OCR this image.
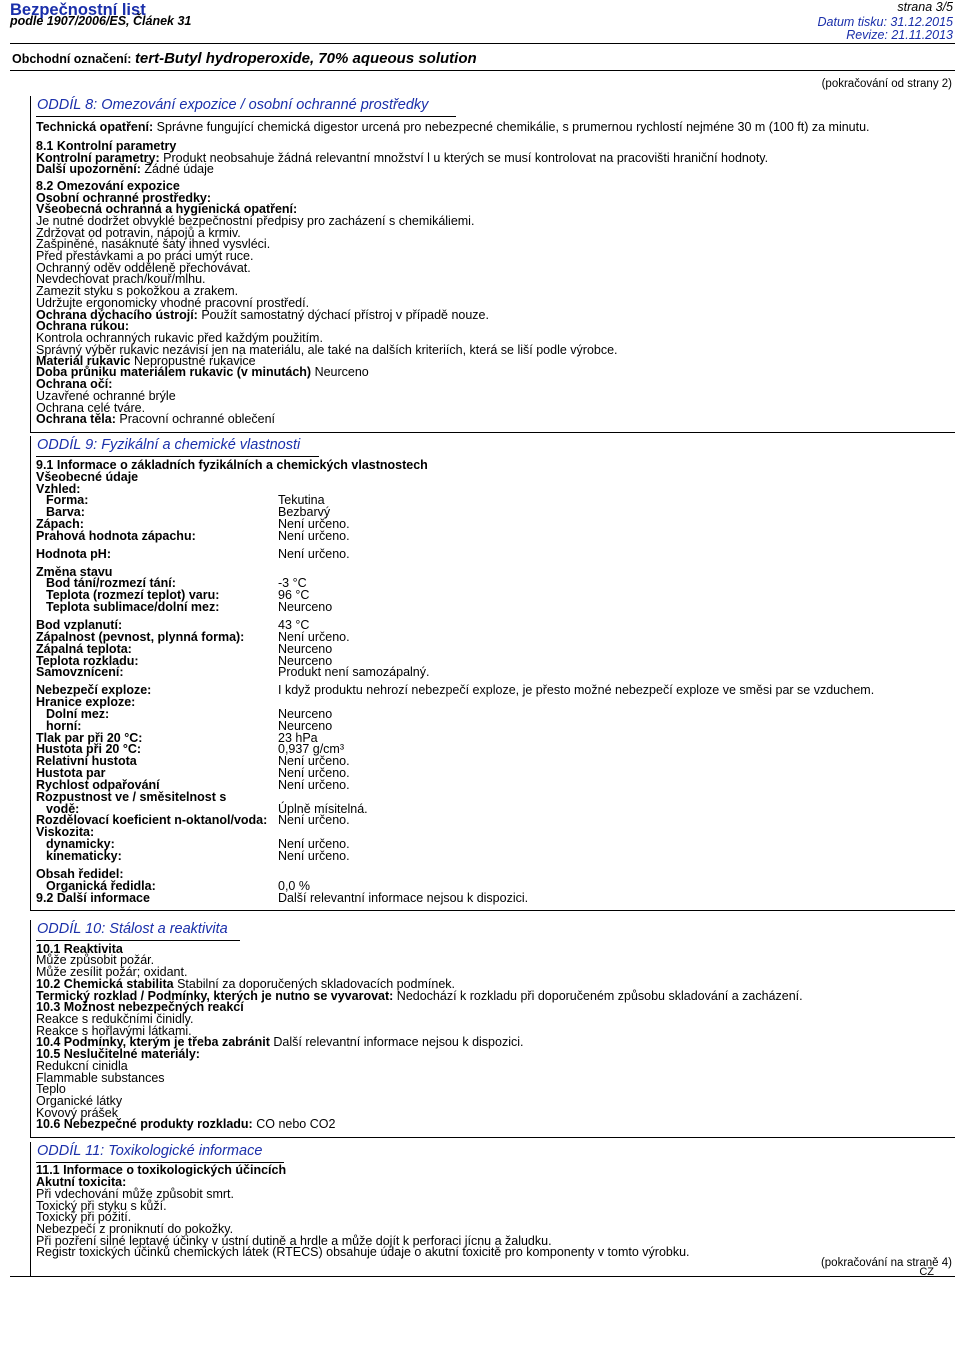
Bezpečnostní list
podle 1907/2006/ES, Článek 31
strana 3/5
Datum tisku: 31.12.2015
Revize: 21.11.2013
Obchodní označení: tert-Butyl hydroperoxide, 70% aqueous solution
(pokračování od strany 2)
ODDÍL 8: Omezování expozice / osobní ochranné prostředky
Technická opatření: Správne fungující chemická digestor urcená pro nebezpecné chemikálie, s prumernou rychlostí nejméne 30 m (100 ft) za minutu.
8.1 Kontrolní parametry
Kontrolní parametry: Produkt neobsahuje žádná relevantní množství l u kterých se musí kontrolovat na pracovišti hraniční hodnoty.
Další upozornění: Žádné údaje
8.2 Omezování expozice
Osobní ochranné prostředky:
Všeobecná ochranná a hygienická opatření:
Je nutné dodržet obvyklé bezpečnostní předpisy pro zacházení s chemikáliemi.
Zdržovat od potravin, nápojů a krmiv.
Zašpiněné, nasáknuté šaty ihned vysvléci.
Před přestávkami a po práci umýt ruce.
Ochranný oděv odděleně přechovávat.
Nevdechovat prach/kouř/mlhu.
Zamezit styku s pokožkou a zrakem.
Udržujte ergonomicky vhodné pracovní prostředí.
Ochrana dýchacího ústrojí: Použít samostatný dýchací přístroj v případě nouze.
Ochrana rukou:
Kontrola ochranných rukavic před každým použitím.
Správný výběr rukavic nezávisí jen na materiálu, ale také na dalších kriteriích, která se liší podle výrobce.
Materiál rukavic Nepropustné rukavice
Doba průniku materiálem rukavic (v minutách) Neurceno
Ochrana očí:
Uzavřené ochranné brýle
Ochrana celé tváre.
Ochrana těla: Pracovní ochranné oblečení
ODDÍL 9: Fyzikální a chemické vlastnosti
9.1 Informace o základních fyzikálních a chemických vlastnostech
Všeobecné údaje
Vzhled:
Forma:	Tekutina
Barva:	Bezbarvý
Zápach:	Není určeno.
Prahová hodnota zápachu:	Není určeno.
Hodnota pH:	Není určeno.
Změna stavu
Bod tání/rozmezí tání:	-3 °C
Teplota (rozmezí teplot) varu:	96 °C
Teplota sublimace/dolní mez:	Neurceno
Bod vzplanutí:	43 °C
Zápalnost (pevnost, plynná forma):	Není určeno.
Zápalná teplota:	Neurceno
Teplota rozkladu:	Neurceno
Samovznícení:	Produkt není samozápalný.
Nebezpečí exploze:	I když produktu nehrozí nebezpečí exploze, je přesto možné nebezpečí exploze ve směsi par se vzduchem.
Hranice exploze:
Dolní mez:	Neurceno
horní:	Neurceno
Tlak par při 20 °C:	23 hPa
Hustota při 20 °C:	0,937 g/cm³
Relativní hustota	Není určeno.
Hustota par	Není určeno.
Rychlost odpařování	Není určeno.
Rozpustnost ve / směsitelnost s
vodě:	Úplně mísitelná.
Rozdělovací koeficient n-oktanol/voda: Není určeno.
Viskozita:
dynamicky:	Není určeno.
kinematicky:	Není určeno.
Obsah ředidel:
Organická ředidla:	0,0 %
9.2 Další informace	Další relevantní informace nejsou k dispozici.
ODDÍL 10: Stálost a reaktivita
10.1 Reaktivita
Může způsobit požár.
Může zesílit požár; oxidant.
10.2 Chemická stabilita Stabilní za doporučených skladovacích podmínek.
Termický rozklad / Podmínky, kterých je nutno se vyvarovat: Nedochází k rozkladu při doporučeném způsobu skladování a zacházení.
10.3 Možnost nebezpečných reakcí
Reakce s redukčními činidly.
Reakce s hořlavými látkami.
10.4 Podmínky, kterým je třeba zabránit Další relevantní informace nejsou k dispozici.
10.5 Neslučitelné materiály:
Redukcní cinidla
Flammable substances
Teplo
Organické látky
Kovový prášek
10.6 Nebezpečné produkty rozkladu: CO nebo CO2
ODDÍL 11: Toxikologické informace
11.1 Informace o toxikologických účincích
Akutní toxicita:
Při vdechování může způsobit smrt.
Toxický při styku s kůží.
Toxický při požití.
Nebezpečí z proniknutí do pokožky.
Při pozření silné leptavé účinky v ústní dutině a hrdle a může dojít k perforaci jícnu a žaludku.
Registr toxických účinků chemických látek (RTECS) obsahuje údaje o akutní toxicitě pro komponenty v tomto výrobku.
(pokračování na straně 4)
CZ
